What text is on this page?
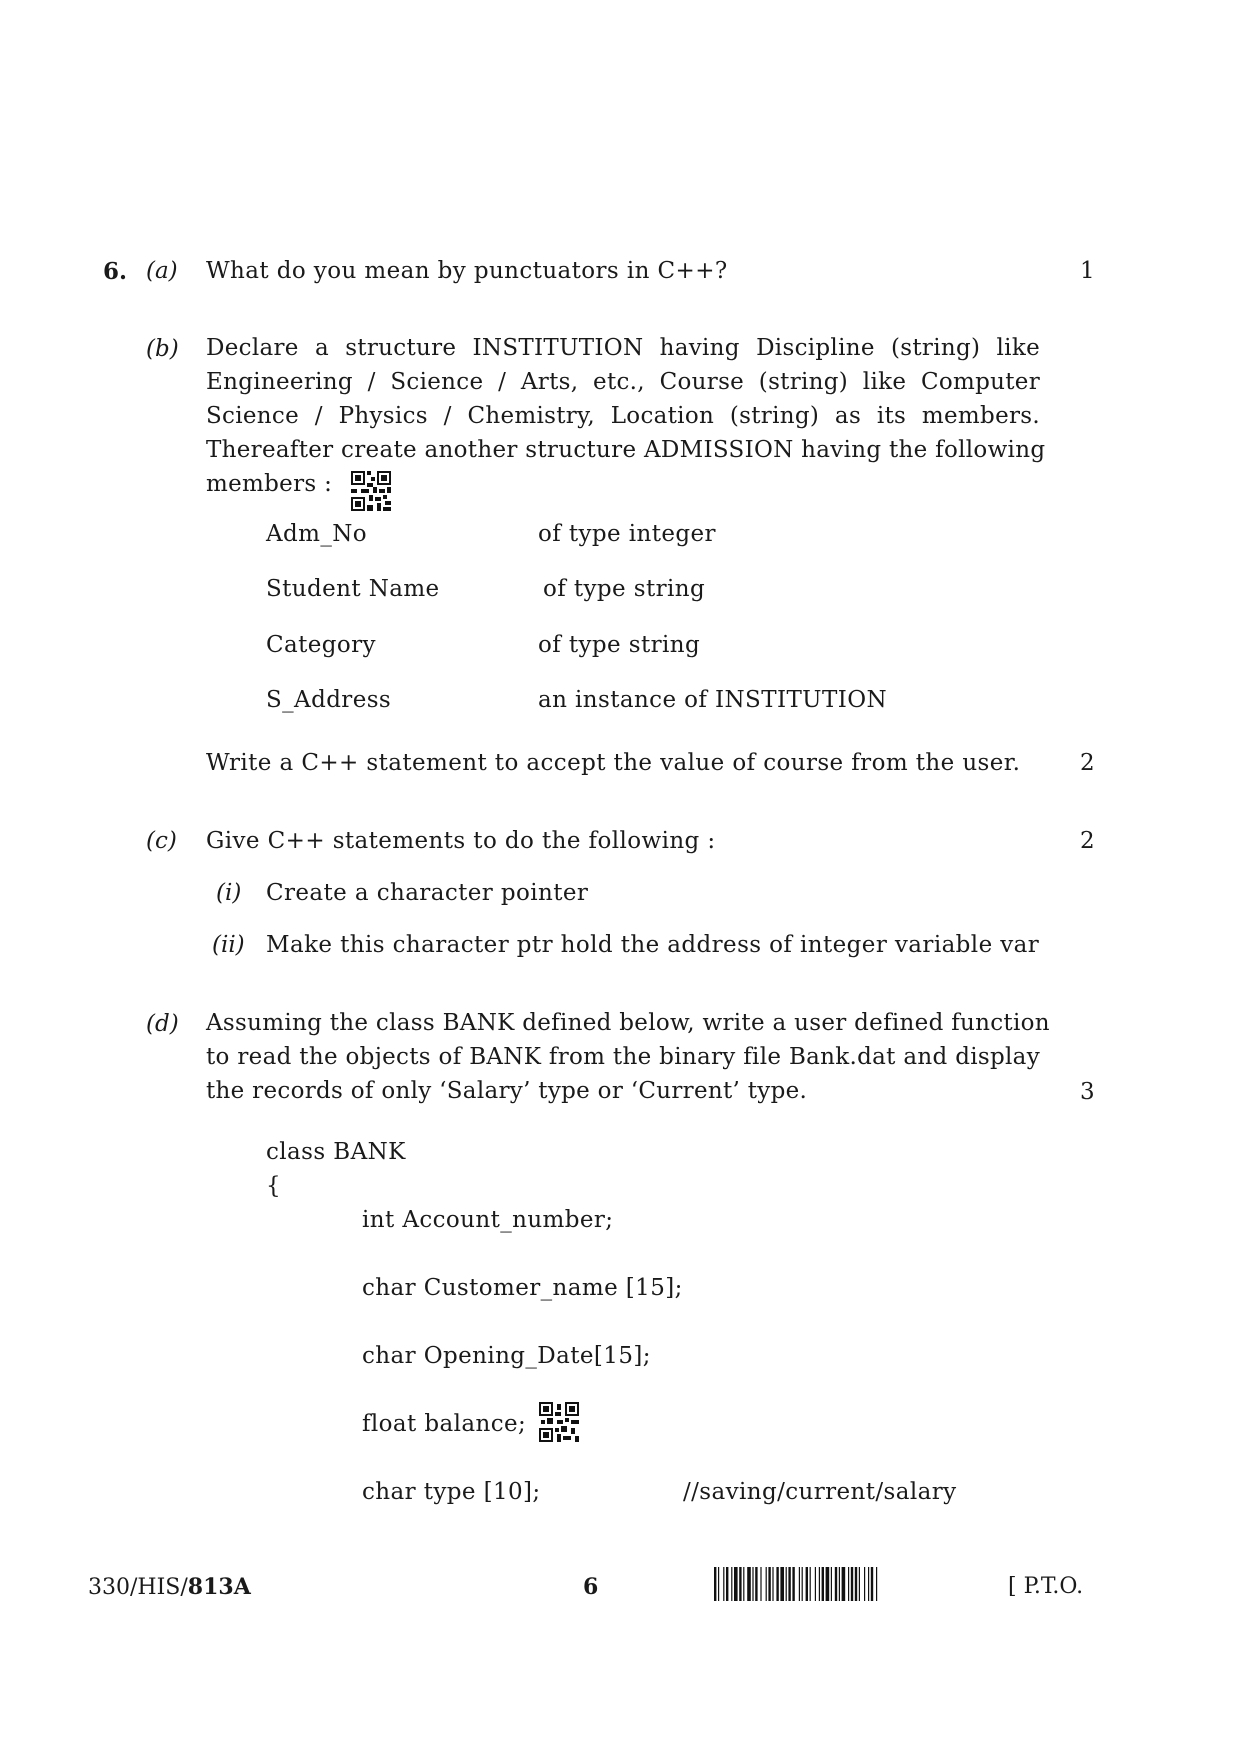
6. (a) What do you mean by punctuators in C++?	1
(b) Declare a structure INSTITUTION having Discipline (string) like
Engineering / Science / Arts, etc., Course (string) like Computer
Science / Physics / Chemistry, Location (string) as its members.
Thereafter create another structure ADMISSION having the following
members :
Adm_No	of type integer
Student Name	of type string
Category	of type string
S_Address	an instance of INSTITUTION
Write a C++ statement to accept the value of course from the user.	2
(c) Give C++ statements to do the following :	2
(i) Create a character pointer
(ii) Make this character ptr hold the address of integer variable var
(d) Assuming the class BANK defined below, write a user defined function
to read the objects of BANK from the binary file Bank.dat and display
the records of only ‘Salary’ type or ‘Current’ type.	3
class BANK
{
int Account_number;
char Customer_name [15];
char Opening_Date[15];
float balance;
char type [10];	//saving/current/salary
330/HIS/813A	6	[ P.T.O.
